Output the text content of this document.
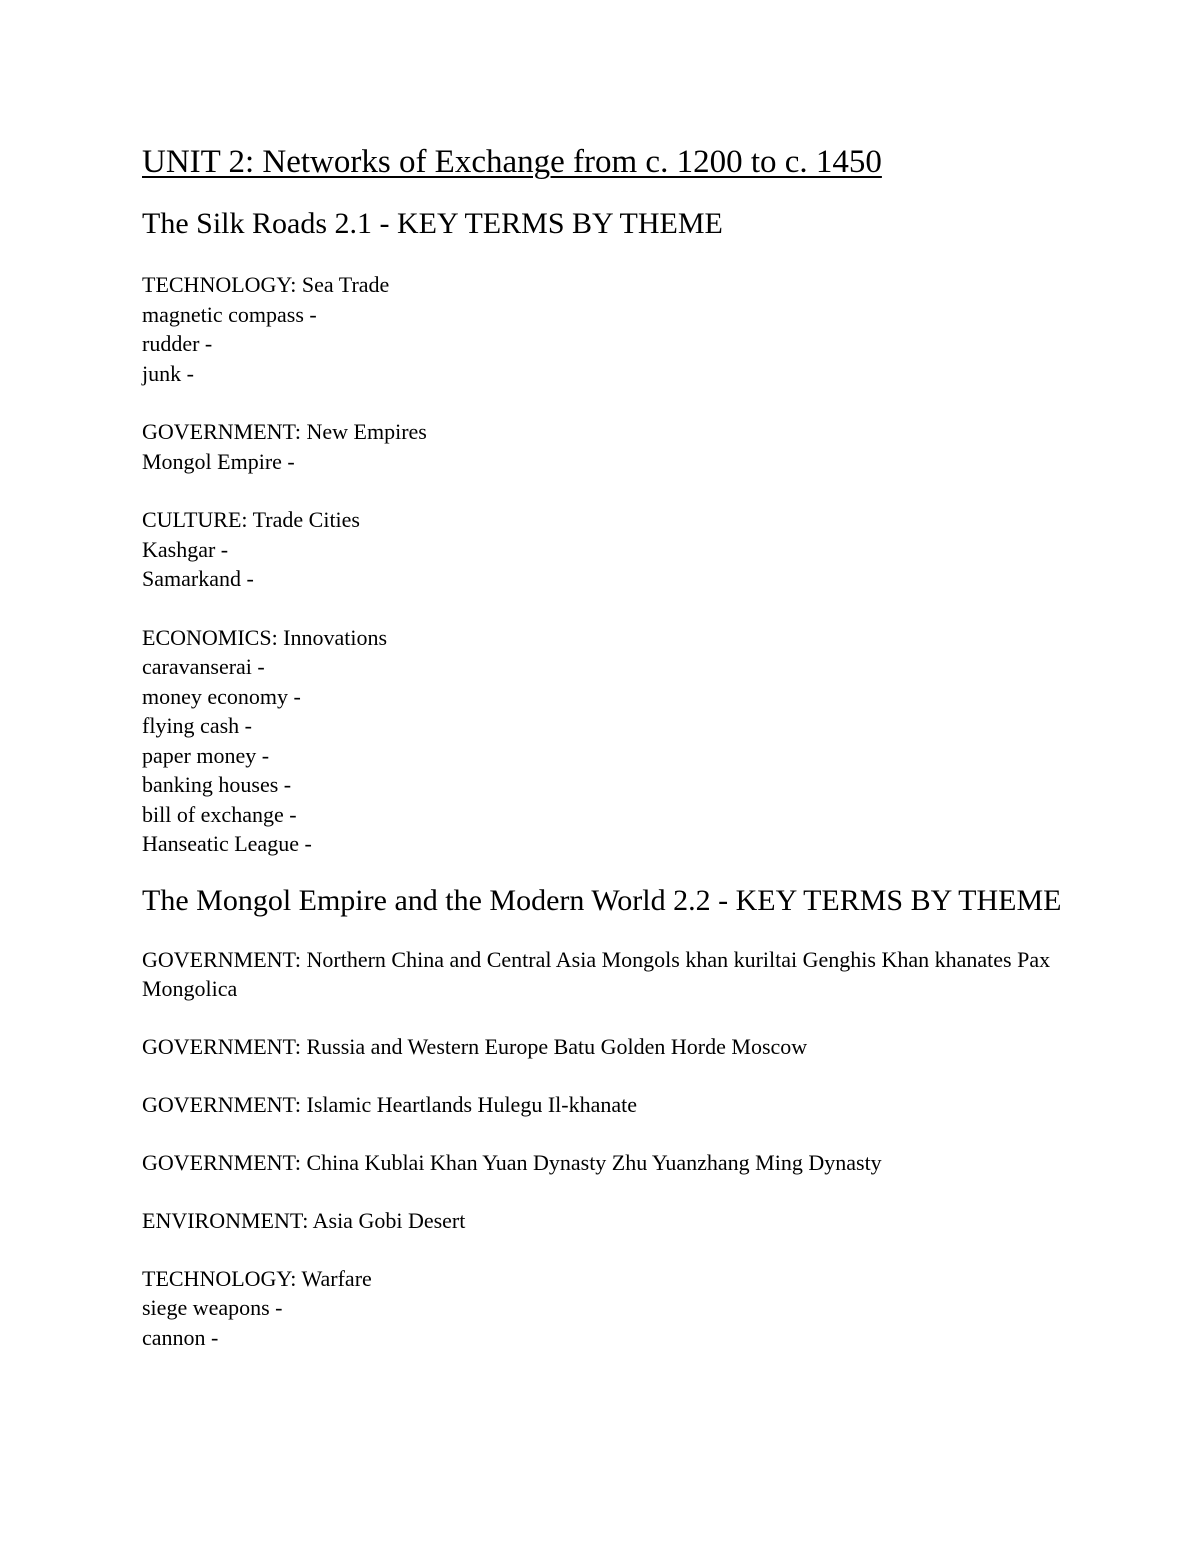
UNIT 2: Networks of Exchange from c. 1200 to c. 1450
The Silk Roads 2.1 - KEY TERMS BY THEME
TECHNOLOGY: Sea Trade
magnetic compass -
rudder -
junk -
GOVERNMENT: New Empires
Mongol Empire -
CULTURE: Trade Cities
Kashgar -
Samarkand -
ECONOMICS: Innovations
caravanserai -
money economy -
flying cash -
paper money -
banking houses -
bill of exchange -
Hanseatic League -
The Mongol Empire and the Modern World 2.2 - KEY TERMS BY THEME
GOVERNMENT: Northern China and Central Asia Mongols khan kuriltai Genghis Khan khanates Pax Mongolica
GOVERNMENT: Russia and Western Europe Batu Golden Horde Moscow
GOVERNMENT: Islamic Heartlands Hulegu Il-khanate
GOVERNMENT: China Kublai Khan Yuan Dynasty Zhu Yuanzhang Ming Dynasty
ENVIRONMENT: Asia Gobi Desert
TECHNOLOGY: Warfare
siege weapons -
cannon -
